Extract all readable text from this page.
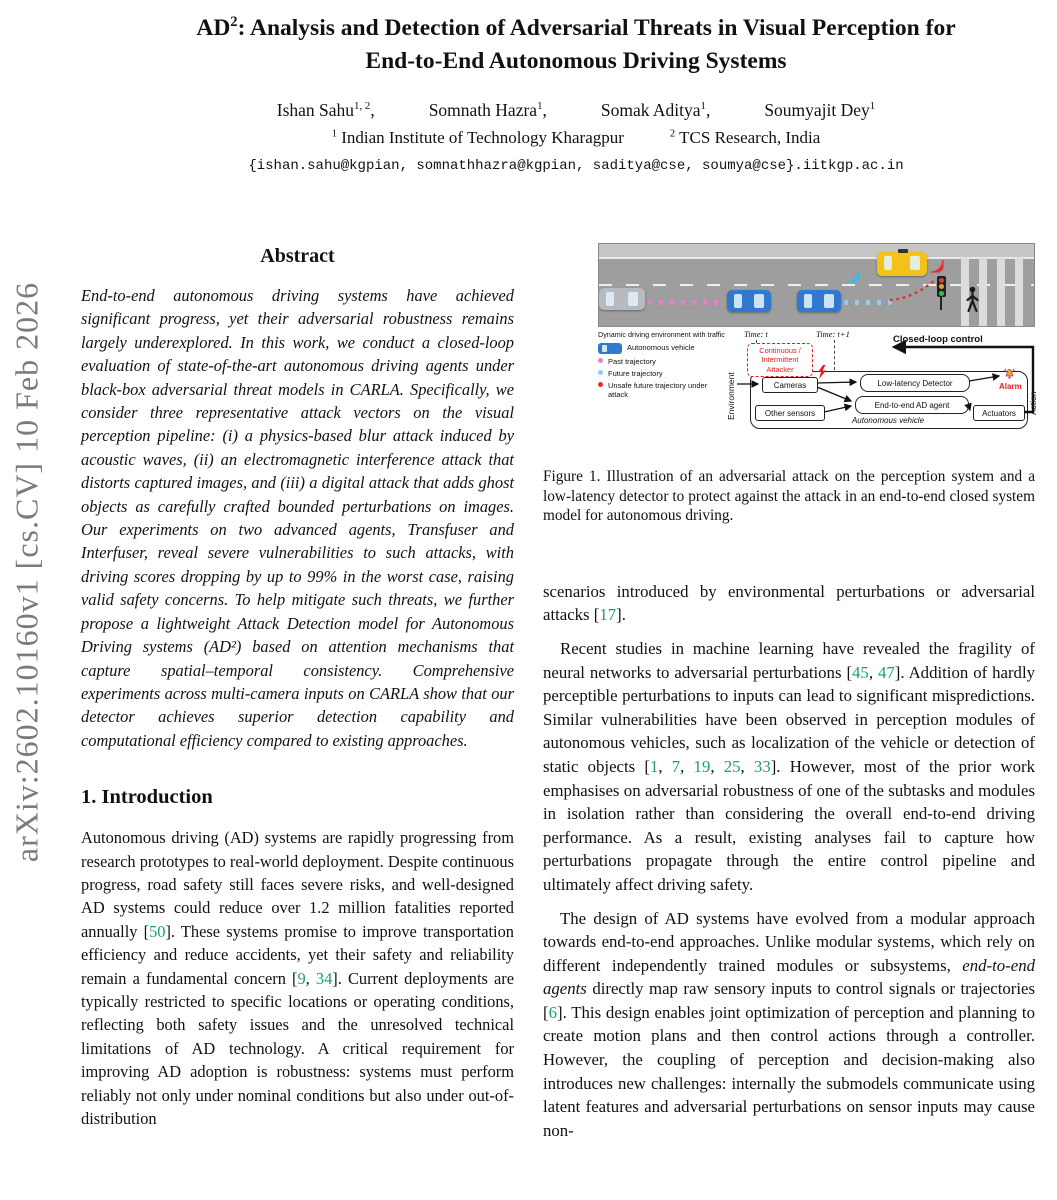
arXiv:2602.10160v1 [cs.CV] 10 Feb 2026
$AD^2$: Analysis and Detection of Adversarial Threats in Visual Perception for
End-to-End Autonomous Driving Systems
Ishan Sahu$^{1, 2}$,	Somnath Hazra$^1$,	Somak Aditya$^1$,	Soumyajit Dey$^1$
$^1$ Indian Institute of Technology Kharagpur	$^2$ TCS Research, India
{ishan.sahu@kgpian, somnathhazra@kgpian, saditya@cse, soumya@cse}.iitkgp.ac.in
Abstract

End-to-end autonomous driving systems have achieved significant progress, yet their adversarial robustness remains largely underexplored. In this work, we conduct a closed-loop evaluation of state-of-the-art autonomous driving agents under black-box adversarial threat models in CARLA. Specifically, we consider three representative attack vectors on the visual perception pipeline: (i) a physics-based blur attack induced by acoustic waves, (ii) an electromagnetic interference attack that distorts captured images, and (iii) a digital attack that adds ghost objects as carefully crafted bounded perturbations on images. Our experiments on two advanced agents, Transfuser and Interfuser, reveal severe vulnerabilities to such attacks, with driving scores dropping by up to 99% in the worst case, raising valid safety concerns. To help mitigate such threats, we further propose a lightweight Attack Detection model for Autonomous Driving systems (AD²) based on attention mechanisms that capture spatial–temporal consistency. Comprehensive experiments across multi-camera inputs on CARLA show that our detector achieves superior detection capability and computational efficiency compared to existing approaches.

1. Introduction

Autonomous driving (AD) systems are rapidly progressing from research prototypes to real-world deployment. Despite continuous progress, road safety still faces severe risks, and well-designed AD systems could reduce over 1.2 million fatalities reported annually [50]. These systems promise to improve transportation efficiency and reduce accidents, yet their safety and reliability remain a fundamental concern [9, 34]. Current deployments are typically restricted to specific locations or operating conditions, reflecting both safety issues and the unresolved technical limitations of AD technology. A critical requirement for improving AD adoption is robustness: systems must perform reliably not only under nominal conditions but also under out-of-distribution

Dynamic driving environment with traffic
Autonomous vehicle
Past trajectory
Future trajectory
Unsafe future trajectory under attack
Time: t	Time: t+1	Closed-loop control
Continuous / Intermittent Attacker
Environment	Cameras
Other sensors
Low-latency Detector
End-to-end AD agent
Actuators
Autonomous vehicle
Alarm
Action
Figure 1. Illustration of an adversarial attack on the perception system and a low-latency detector to protect against the attack in an end-to-end closed system model for autonomous driving.

scenarios introduced by environmental perturbations or adversarial attacks [17].

Recent studies in machine learning have revealed the fragility of neural networks to adversarial perturbations [45, 47]. Addition of hardly perceptible perturbations to inputs can lead to significant mispredictions. Similar vulnerabilities have been observed in perception modules of autonomous vehicles, such as localization of the vehicle or detection of static objects [1, 7, 19, 25, 33]. However, most of the prior work emphasises on adversarial robustness of one of the subtasks and modules in isolation rather than considering the overall end-to-end driving performance. As a result, existing analyses fail to capture how perturbations propagate through the entire control pipeline and ultimately affect driving safety.

The design of AD systems have evolved from a modular approach towards end-to-end approaches. Unlike modular systems, which rely on different independently trained modules or subsystems, end-to-end agents directly map raw sensory inputs to control signals or trajectories [6]. This design enables joint optimization of perception and planning to create motion plans and then control actions through a controller. However, the coupling of perception and decision-making also introduces new challenges: internally the submodels communicate using latent features and adversarial perturbations on sensor inputs may cause non-
